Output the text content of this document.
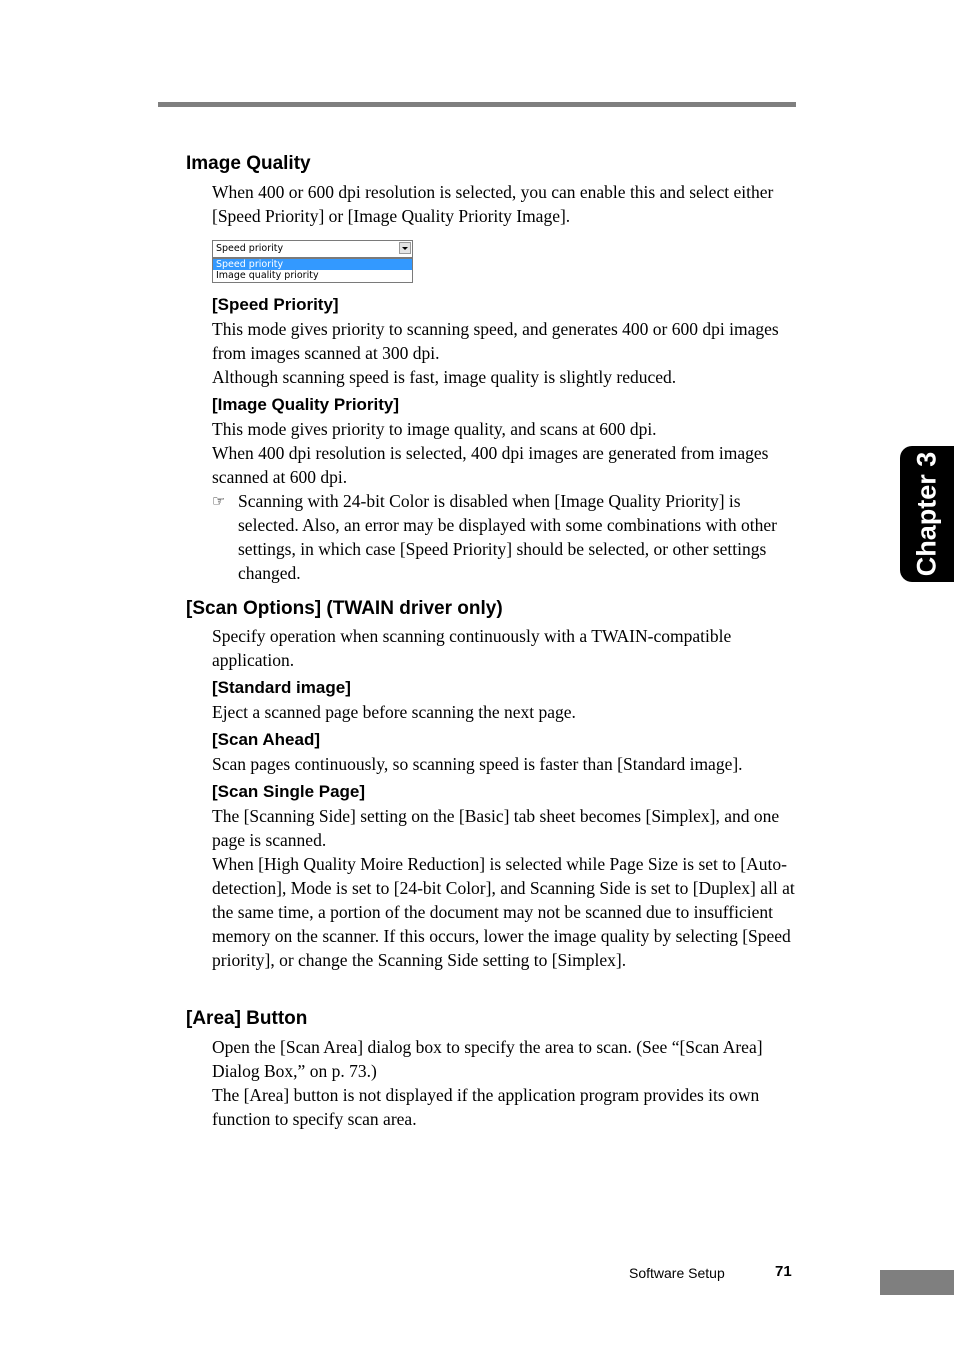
Image Quality
When 400 or 600 dpi resolution is selected, you can enable this and select either [Speed Priority] or [Image Quality Priority Image].
Speed priority
Speed priority
Image quality priority
[Speed Priority]
This mode gives priority to scanning speed, and generates 400 or 600 dpi images from images scanned at 300 dpi.
Although scanning speed is fast, image quality is slightly reduced.
[Image Quality Priority]
This mode gives priority to image quality, and scans at 600 dpi.
When 400 dpi resolution is selected, 400 dpi images are generated from images scanned at 600 dpi.
☞ Scanning with 24-bit Color is disabled when [Image Quality Priority] is selected. Also, an error may be displayed with some combinations with other settings, in which case [Speed Priority] should be selected, or other settings changed.
[Scan Options] (TWAIN driver only)
Specify operation when scanning continuously with a TWAIN-compatible application.
[Standard image]
Eject a scanned page before scanning the next page.
[Scan Ahead]
Scan pages continuously, so scanning speed is faster than [Standard image].
[Scan Single Page]
The [Scanning Side] setting on the [Basic] tab sheet becomes [Simplex], and one page is scanned.
When [High Quality Moire Reduction] is selected while Page Size is set to [Auto-detection], Mode is set to [24-bit Color], and Scanning Side is set to [Duplex] all at the same time, a portion of the document may not be scanned due to insufficient memory on the scanner. If this occurs, lower the image quality by selecting [Speed priority], or change the Scanning Side setting to [Simplex].
[Area] Button
Open the [Scan Area] dialog box to specify the area to scan. (See “[Scan Area] Dialog Box,” on p. 73.)
The [Area] button is not displayed if the application program provides its own function to specify scan area.
Chapter 3
Software Setup	71
